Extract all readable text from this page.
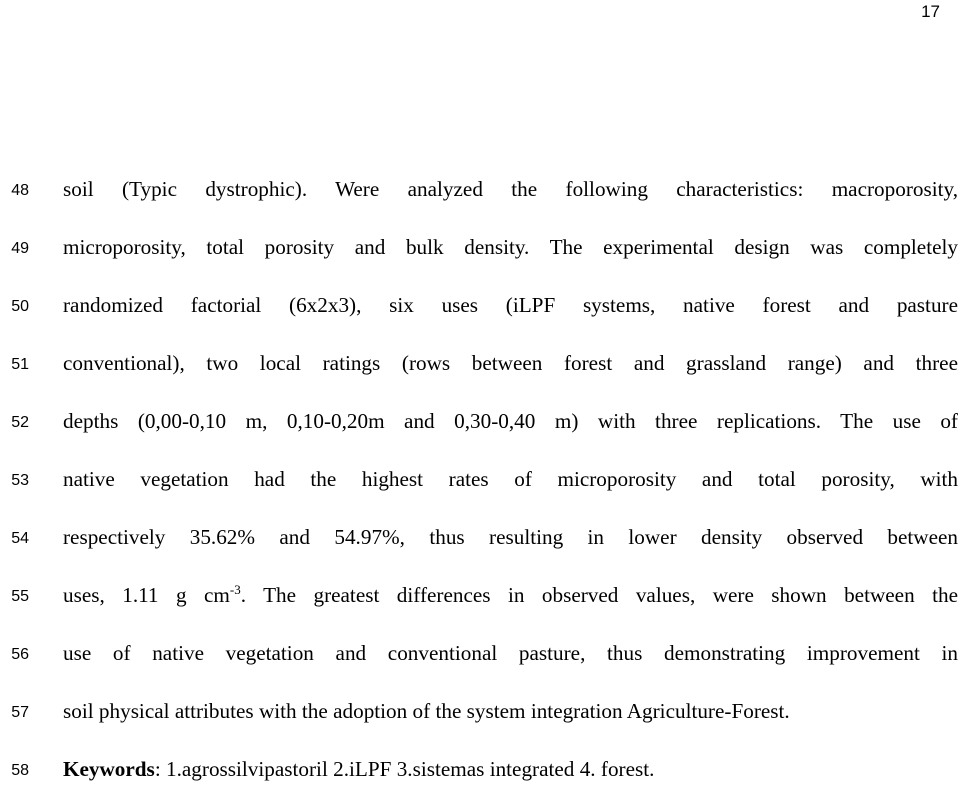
17
48 soil (Typic dystrophic). Were analyzed the following characteristics: macroporosity,
49 microporosity, total porosity and bulk density. The experimental design was completely
50 randomized factorial (6x2x3), six uses (iLPF systems, native forest and pasture
51 conventional), two local ratings (rows between forest and grassland range) and three
52 depths (0,00-0,10 m, 0,10-0,20m and 0,30-0,40 m) with three replications. The use of
53 native vegetation had the highest rates of microporosity and total porosity, with
54 respectively 35.62% and 54.97%, thus resulting in lower density observed between
55 uses, 1.11 g $cm^{-3}$. The greatest differences in observed values, were shown between the
56 use of native vegetation and conventional pasture, thus demonstrating improvement in
57 soil physical attributes with the adoption of the system integration Agriculture-Forest.
58 Keywords: 1.agrossilvipastoril 2.iLPF 3.sistemas integrated 4. forest.
